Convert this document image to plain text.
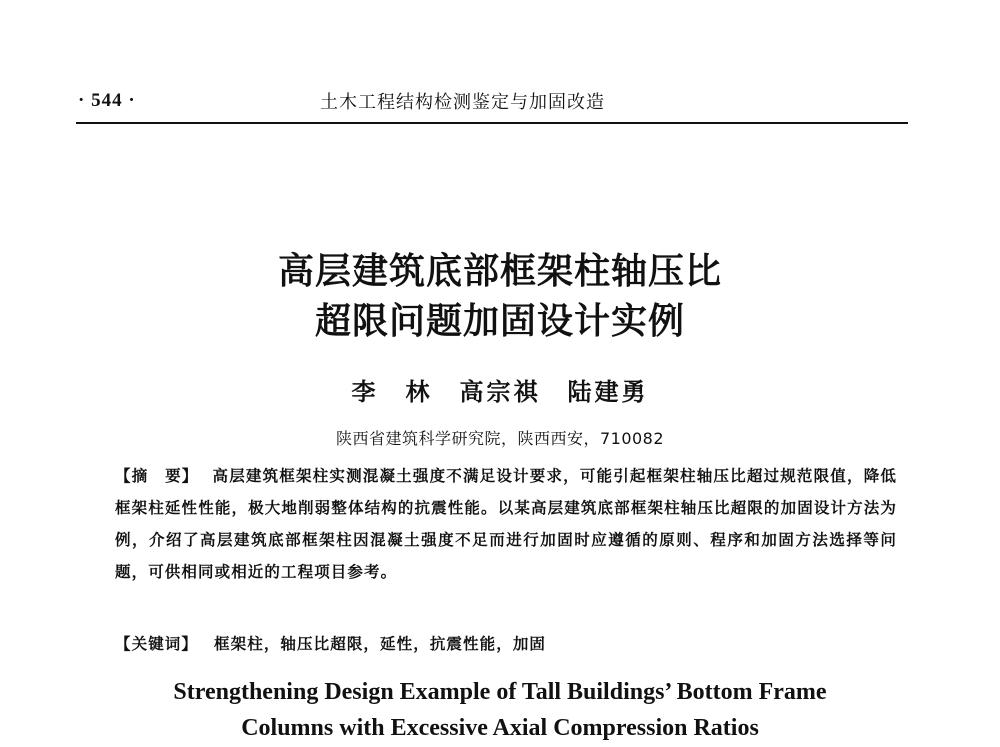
· 544 ·	土木工程结构检测鉴定与加固改造
高层建筑底部框架柱轴压比
超限问题加固设计实例
李　林　高宗祺　陆建勇
陕西省建筑科学研究院，陕西西安，710082
【摘　要】 高层建筑框架柱实测混凝土强度不满足设计要求，可能引起框架柱轴压比超过规范限值，降低框架柱延性性能，极大地削弱整体结构的抗震性能。以某高层建筑底部框架柱轴压比超限的加固设计方法为例，介绍了高层建筑底部框架柱因混凝土强度不足而进行加固时应遵循的原则、程序和加固方法选择等问题，可供相同或相近的工程项目参考。
【关键词】 框架柱，轴压比超限，延性，抗震性能，加固
Strengthening Design Example of Tall Buildings’ Bottom Frame
Columns with Excessive Axial Compression Ratios
